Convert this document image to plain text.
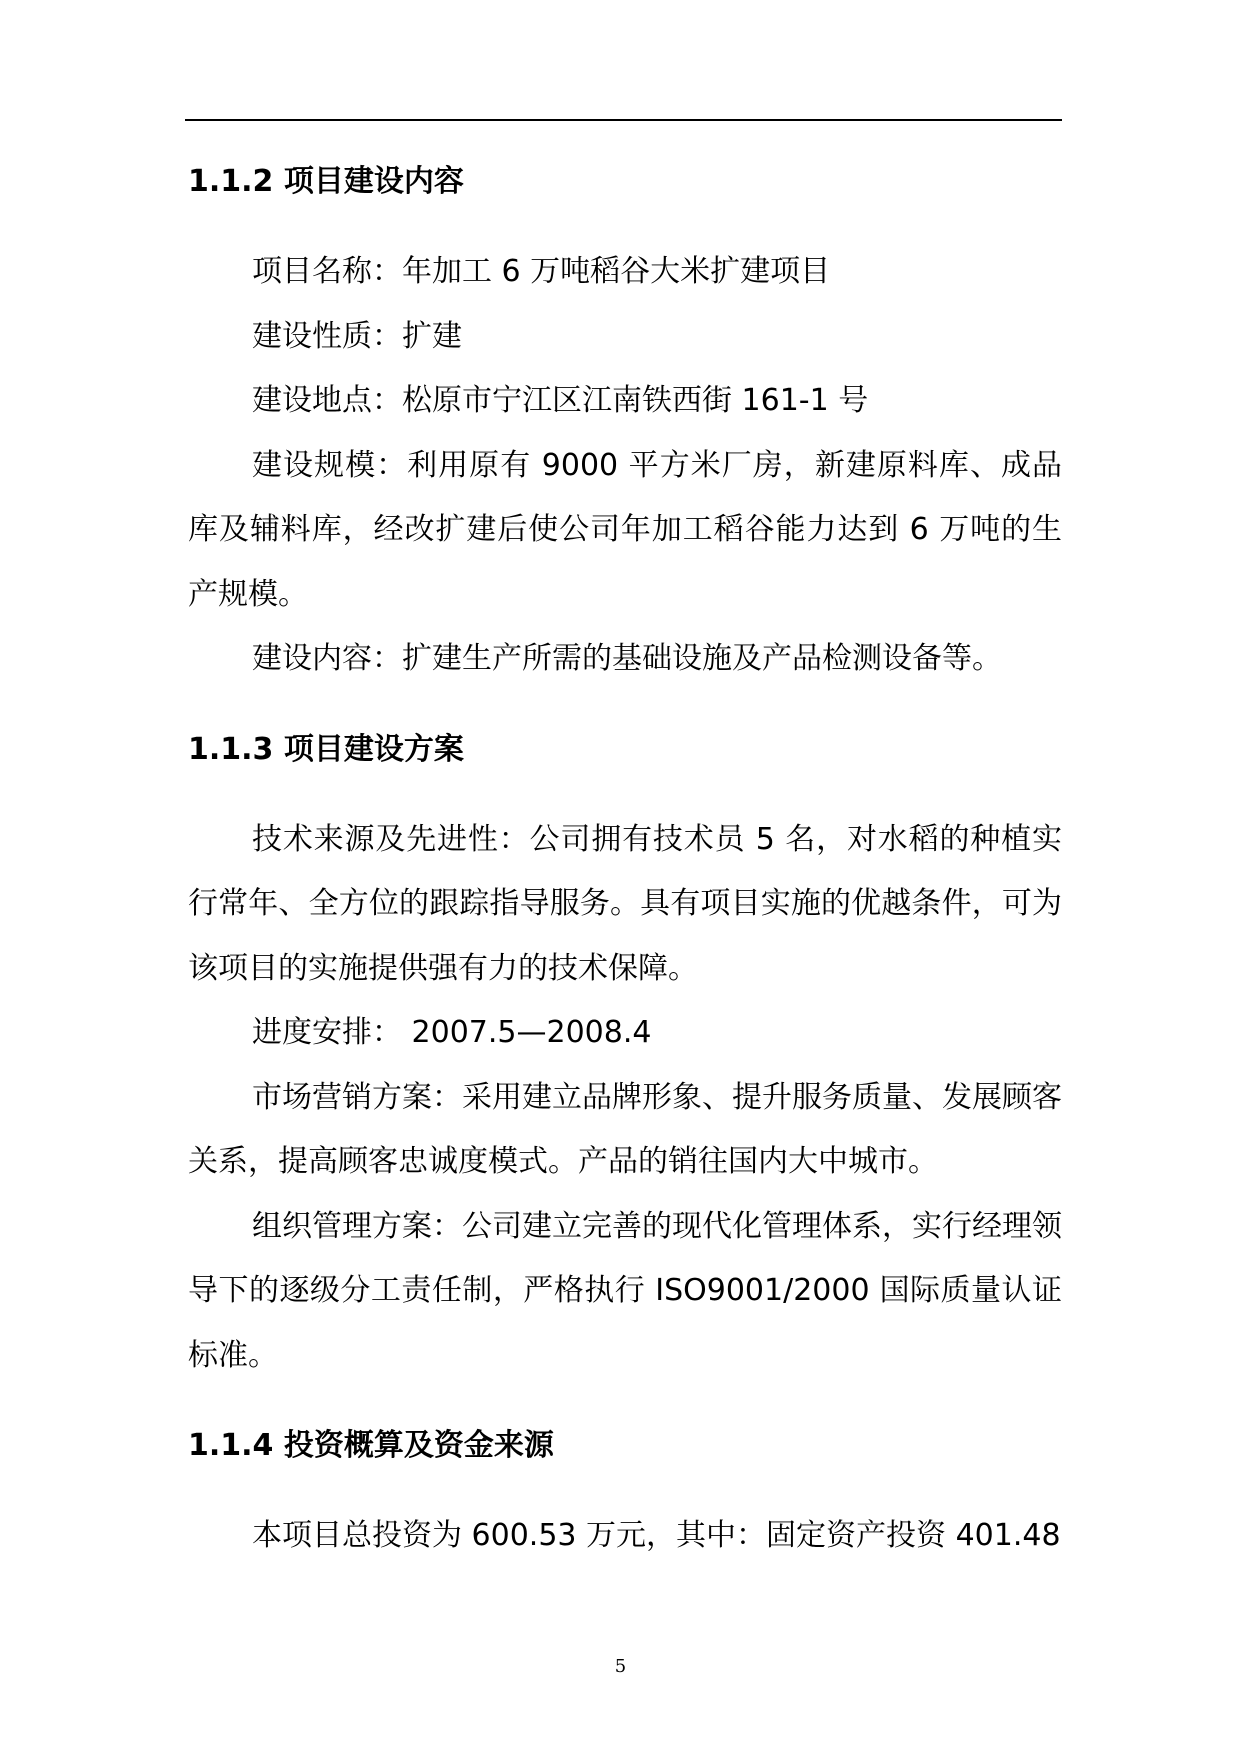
1.1.2 项目建设内容

项目名称：年加工 6 万吨稻谷大米扩建项目

建设性质：扩建

建设地点：松原市宁江区江南铁西街 161-1 号

建设规模：利用原有 9000 平方米厂房，新建原料库、成品库及辅料库，经改扩建后使公司年加工稻谷能力达到 6 万吨的生产规模。

建设内容：扩建生产所需的基础设施及产品检测设备等。

1.1.3 项目建设方案

技术来源及先进性：公司拥有技术员 5 名，对水稻的种植实行常年、全方位的跟踪指导服务。具有项目实施的优越条件，可为该项目的实施提供强有力的技术保障。

进度安排： 2007.5—2008.4

市场营销方案：采用建立品牌形象、提升服务质量、发展顾客关系，提高顾客忠诚度模式。产品的销往国内大中城市。

组织管理方案：公司建立完善的现代化管理体系，实行经理领导下的逐级分工责任制，严格执行 ISO9001/2000 国际质量认证标准。

1.1.4 投资概算及资金来源

本项目总投资为 600.53 万元，其中：固定资产投资 401.48

5
